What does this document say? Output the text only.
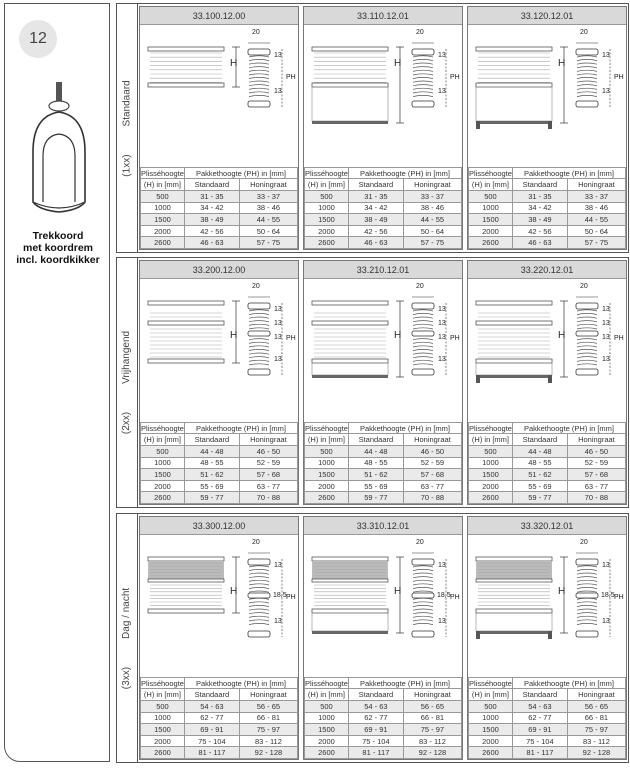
12
Trekkoord
met koordrem
incl. koordkikker
(1xx)Standaard
33.100.12.00
H
20
13
PH
13
Plisséhoogte	Pakkethoogte (PH) in [mm]	
(H) in [mm]	Standaard	Honingraat
500	31 - 35	33 - 37
1000	34 - 42	38 - 46
1500	38 - 49	44 - 55
2000	42 - 56	50 - 64
2600	46 - 63	57 - 75
33.110.12.01
H
20
13
PH
13
Plisséhoogte	Pakkethoogte (PH) in [mm]	
(H) in [mm]	Standaard	Honingraat
500	31 - 35	33 - 37
1000	34 - 42	38 - 46
1500	38 - 49	44 - 55
2000	42 - 56	50 - 64
2600	46 - 63	57 - 75
33.120.12.01
H
20
13
PH
13
Plisséhoogte	Pakkethoogte (PH) in [mm]	
(H) in [mm]	Standaard	Honingraat
500	31 - 35	33 - 37
1000	34 - 42	38 - 46
1500	38 - 49	44 - 55
2000	42 - 56	50 - 64
2600	46 - 63	57 - 75
(2xx)Vrijhangend
33.200.12.00
H
20
13
PH
13
13
13
Plisséhoogte	Pakkethoogte (PH) in [mm]	
(H) in [mm]	Standaard	Honingraat
500	44 - 48	46 - 50
1000	48 - 55	52 - 59
1500	51 - 62	57 - 68
2000	55 - 69	63 - 77
2600	59 - 77	70 - 88
33.210.12.01
H
20
13
PH
13
13
13
Plisséhoogte	Pakkethoogte (PH) in [mm]	
(H) in [mm]	Standaard	Honingraat
500	44 - 48	46 - 50
1000	48 - 55	52 - 59
1500	51 - 62	57 - 68
2000	55 - 69	63 - 77
2600	59 - 77	70 - 88
33.220.12.01
H
20
13
PH
13
13
13
Plisséhoogte	Pakkethoogte (PH) in [mm]	
(H) in [mm]	Standaard	Honingraat
500	44 - 48	46 - 50
1000	48 - 55	52 - 59
1500	51 - 62	57 - 68
2000	55 - 69	63 - 77
2600	59 - 77	70 - 88
(3xx)Dag / nacht
33.300.12.00
H
20
13
PH
13
18,5
Plisséhoogte	Pakkethoogte (PH) in [mm]	
(H) in [mm]	Standaard	Honingraat
500	54 - 63	56 - 65
1000	62 - 77	66 - 81
1500	69 - 91	75 - 97
2000	75 - 104	83 - 112
2600	81 - 117	92 - 128
33.310.12.01
H
20
13
PH
13
18,5
Plisséhoogte	Pakkethoogte (PH) in [mm]	
(H) in [mm]	Standaard	Honingraat
500	54 - 63	56 - 65
1000	62 - 77	66 - 81
1500	69 - 91	75 - 97
2000	75 - 104	83 - 112
2600	81 - 117	92 - 128
33.320.12.01
H
20
13
PH
13
18,5
Plisséhoogte	Pakkethoogte (PH) in [mm]	
(H) in [mm]	Standaard	Honingraat
500	54 - 63	56 - 65
1000	62 - 77	66 - 81
1500	69 - 91	75 - 97
2000	75 - 104	83 - 112
2600	81 - 117	92 - 128
